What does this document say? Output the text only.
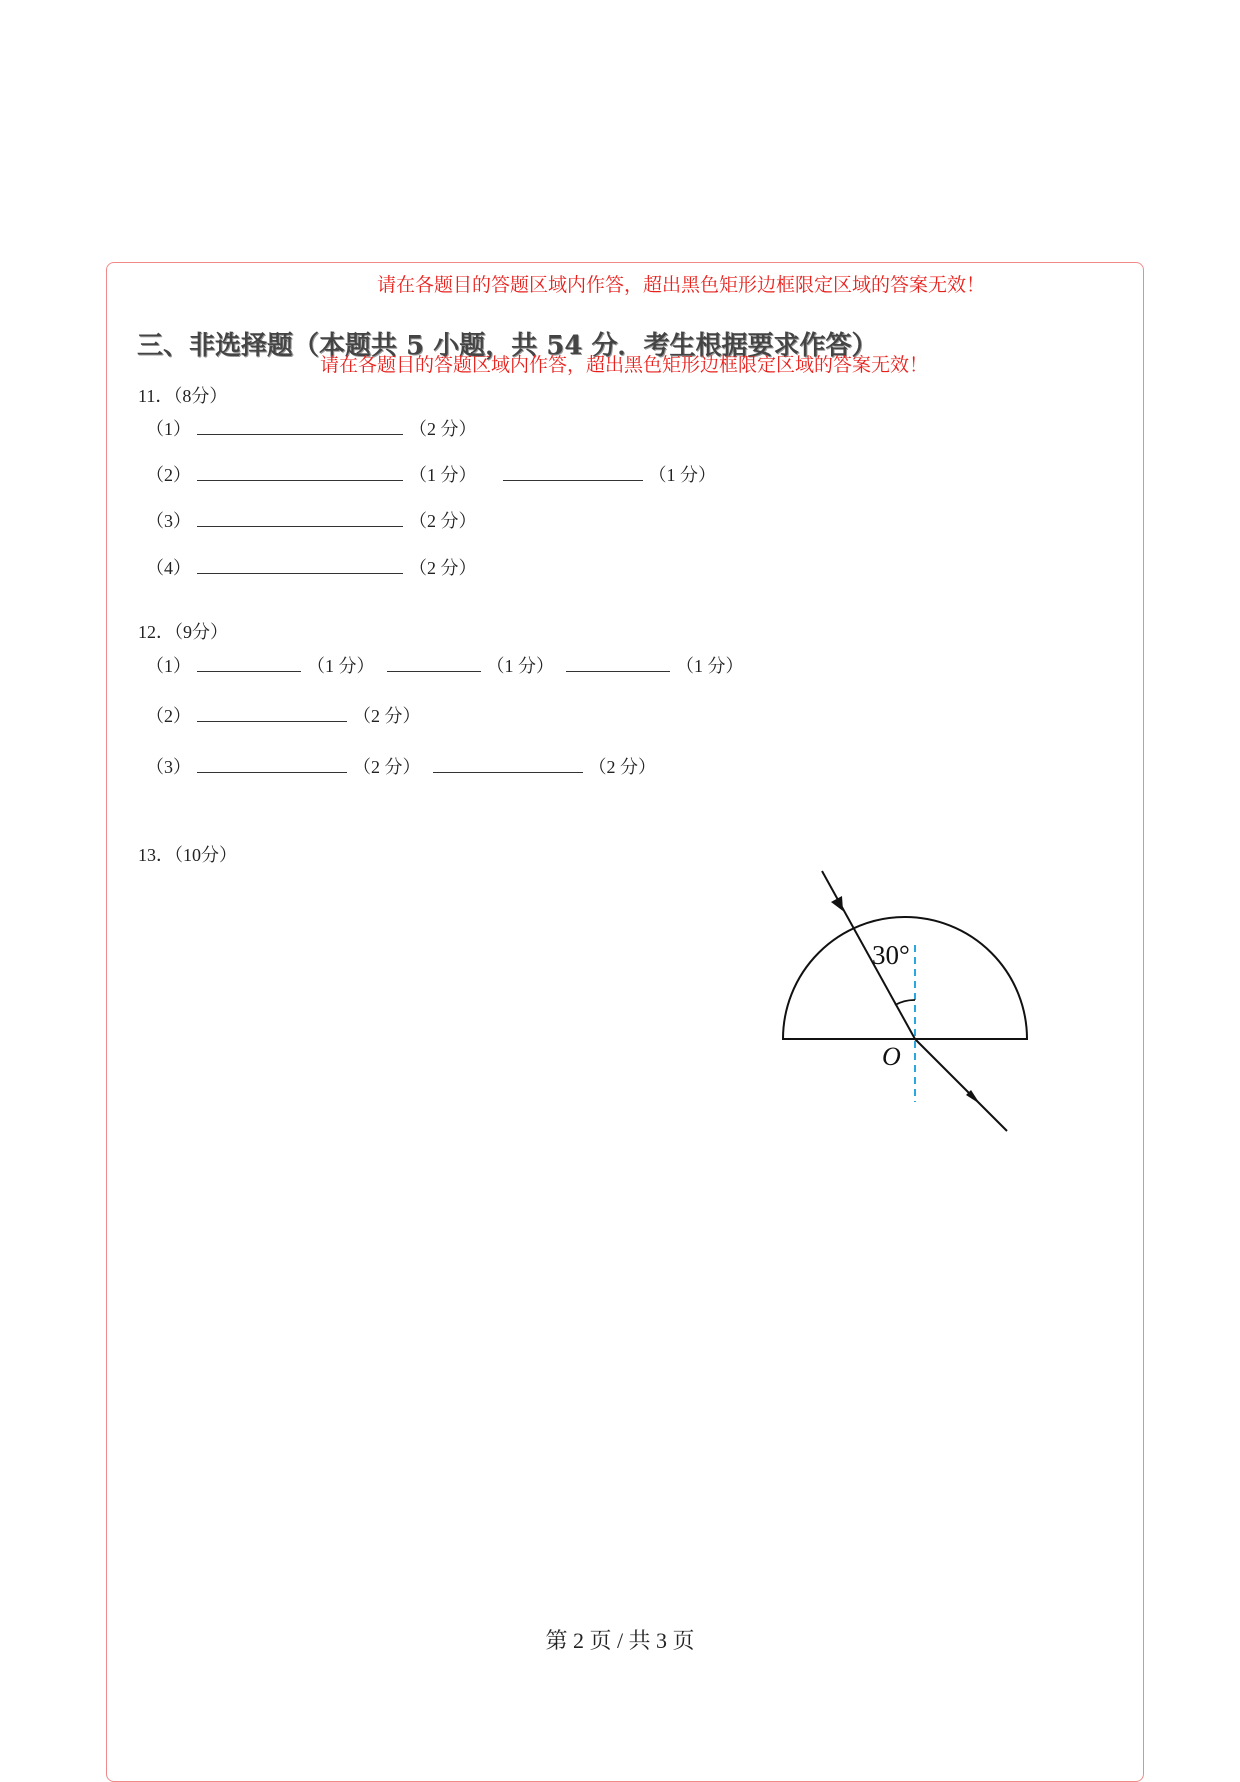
请在各题目的答题区域内作答，超出黑色矩形边框限定区域的答案无效！
三、非选择题（本题共 5 小题，共 54 分．考生根据要求作答）
请在各题目的答题区域内作答，超出黑色矩形边框限定区域的答案无效！
11．（8分）
（1）	（2 分）
（2）	（1 分）	（1 分）
（3）	（2 分）
（4）	（2 分）
12．（9分）
（1）	（1 分）	（1 分）	（1 分）
（2）	（2 分）
（3）	（2 分）	（2 分）
13．（10分）
30°
O
第 2 页 / 共 3 页
